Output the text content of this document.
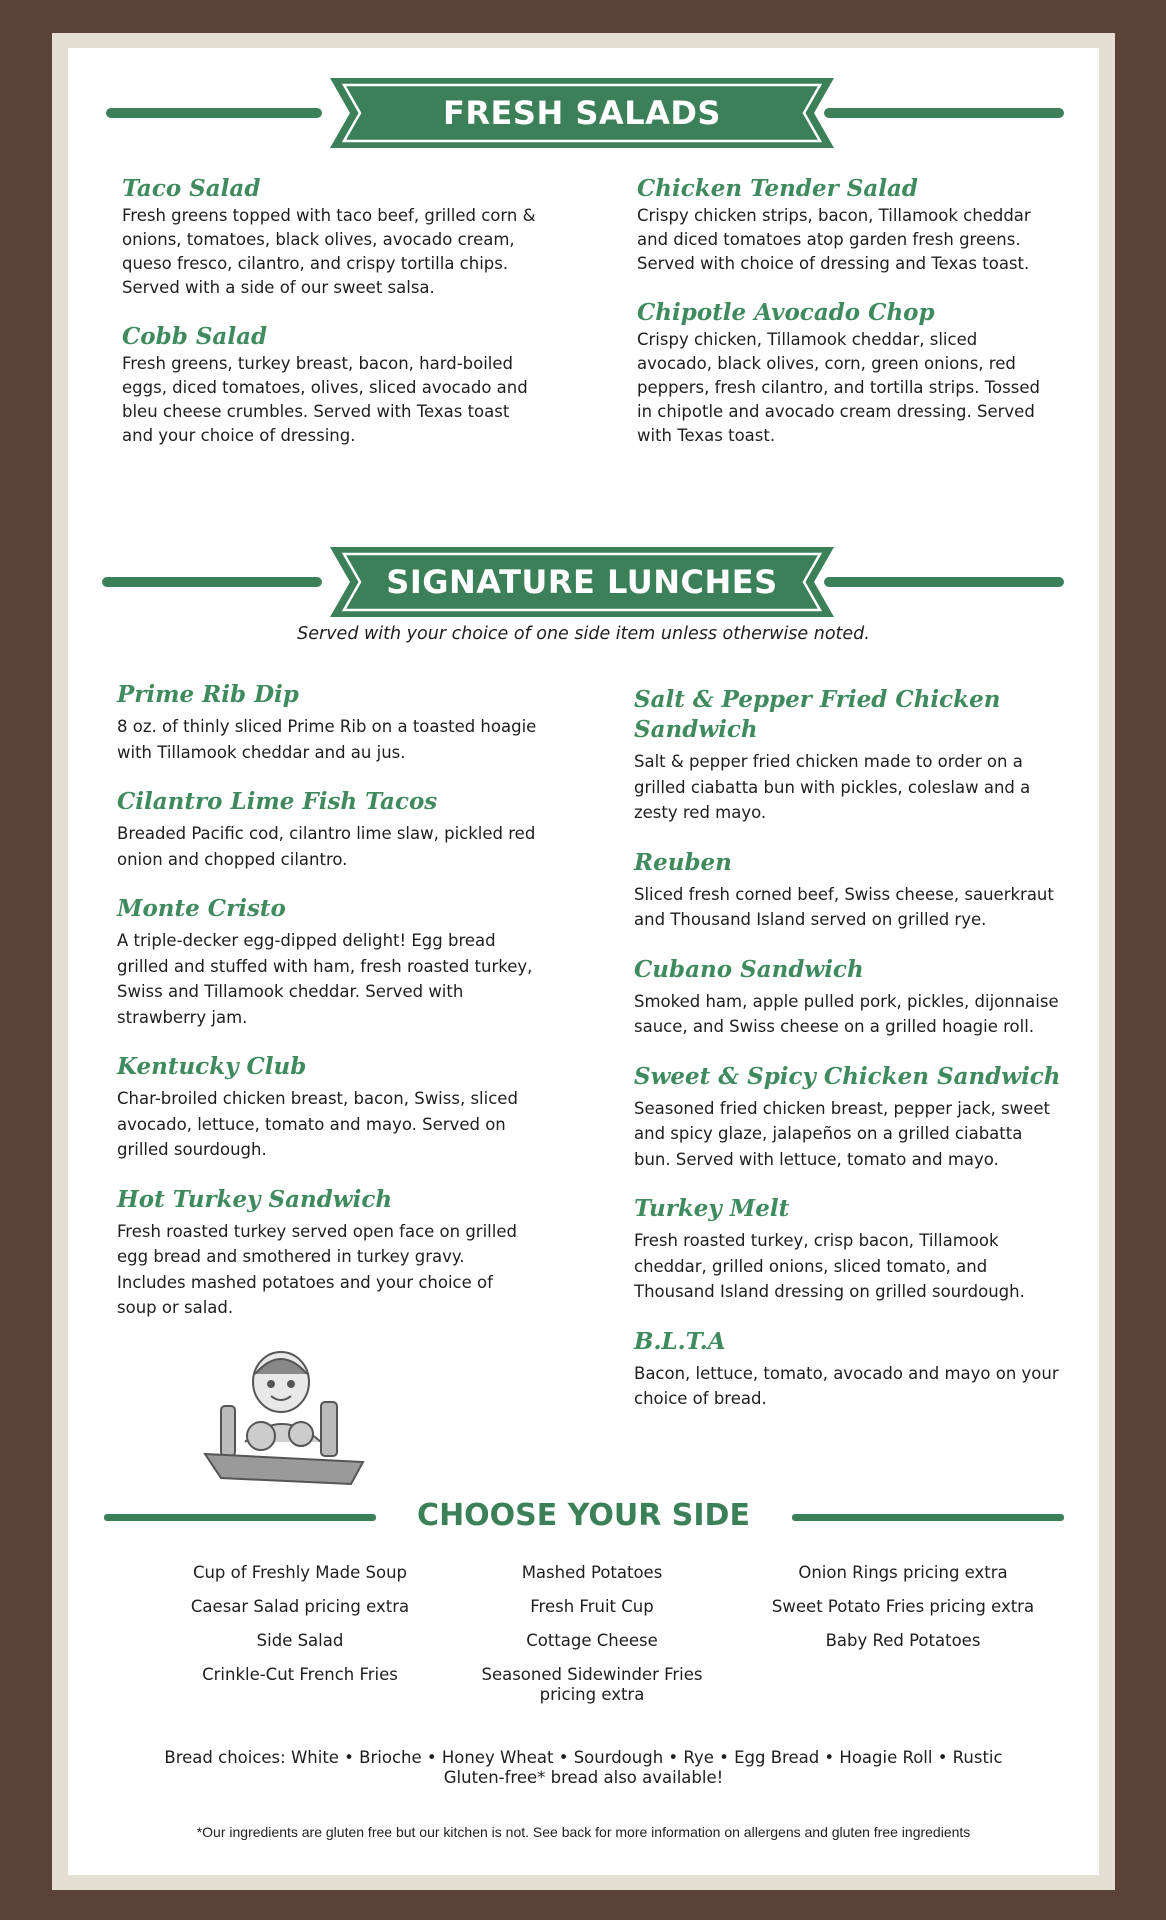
FRESH SALADS
Taco Salad
Fresh greens topped with taco beef, grilled corn & onions, tomatoes, black olives, avocado cream, queso fresco, cilantro, and crispy tortilla chips. Served with a side of our sweet salsa.
Cobb Salad
Fresh greens, turkey breast, bacon, hard-boiled eggs, diced tomatoes, olives, sliced avocado and bleu cheese crumbles. Served with Texas toast and your choice of dressing.
Chicken Tender Salad
Crispy chicken strips, bacon, Tillamook cheddar and diced tomatoes atop garden fresh greens. Served with choice of dressing and Texas toast.
Chipotle Avocado Chop
Crispy chicken, Tillamook cheddar, sliced avocado, black olives, corn, green onions, red peppers, fresh cilantro, and tortilla strips. Tossed in chipotle and avocado cream dressing. Served with Texas toast.
SIGNATURE LUNCHES
Served with your choice of one side item unless otherwise noted.
Prime Rib Dip
8 oz. of thinly sliced Prime Rib on a toasted hoagie with Tillamook cheddar and au jus.
Cilantro Lime Fish Tacos
Breaded Pacific cod, cilantro lime slaw, pickled red onion and chopped cilantro.
Monte Cristo
A triple-decker egg-dipped delight! Egg bread grilled and stuffed with ham, fresh roasted turkey, Swiss and Tillamook cheddar. Served with strawberry jam.
Kentucky Club
Char-broiled chicken breast, bacon, Swiss, sliced avocado, lettuce, tomato and mayo. Served on grilled sourdough.
Hot Turkey Sandwich
Fresh roasted turkey served open face on grilled egg bread and smothered in turkey gravy. Includes mashed potatoes and your choice of soup or salad.
Salt & Pepper Fried Chicken Sandwich
Salt & pepper fried chicken made to order on a grilled ciabatta bun with pickles, coleslaw and a zesty red mayo.
Reuben
Sliced fresh corned beef, Swiss cheese, sauerkraut and Thousand Island served on grilled rye.
Cubano Sandwich
Smoked ham, apple pulled pork, pickles, dijonnaise sauce, and Swiss cheese on a grilled hoagie roll.
Sweet & Spicy Chicken Sandwich
Seasoned fried chicken breast, pepper jack, sweet and spicy glaze, jalapeños on a grilled ciabatta bun. Served with lettuce, tomato and mayo.
Turkey Melt
Fresh roasted turkey, crisp bacon, Tillamook cheddar, grilled onions, sliced tomato, and Thousand Island dressing on grilled sourdough.
B.L.T.A
Bacon, lettuce, tomato, avocado and mayo on your choice of bread.
CHOOSE YOUR SIDE
Cup of Freshly Made Soup
Caesar Salad pricing extra
Side Salad
Crinkle-Cut French Fries
Mashed Potatoes
Fresh Fruit Cup
Cottage Cheese
Seasoned Sidewinder Fries
pricing extra
Onion Rings pricing extra
Sweet Potato Fries pricing extra
Baby Red Potatoes
Bread choices: White • Brioche • Honey Wheat • Sourdough • Rye • Egg Bread • Hoagie Roll • Rustic
Gluten-free* bread also available!
*Our ingredients are gluten free but our kitchen is not. See back for more information on allergens and gluten free ingredients
